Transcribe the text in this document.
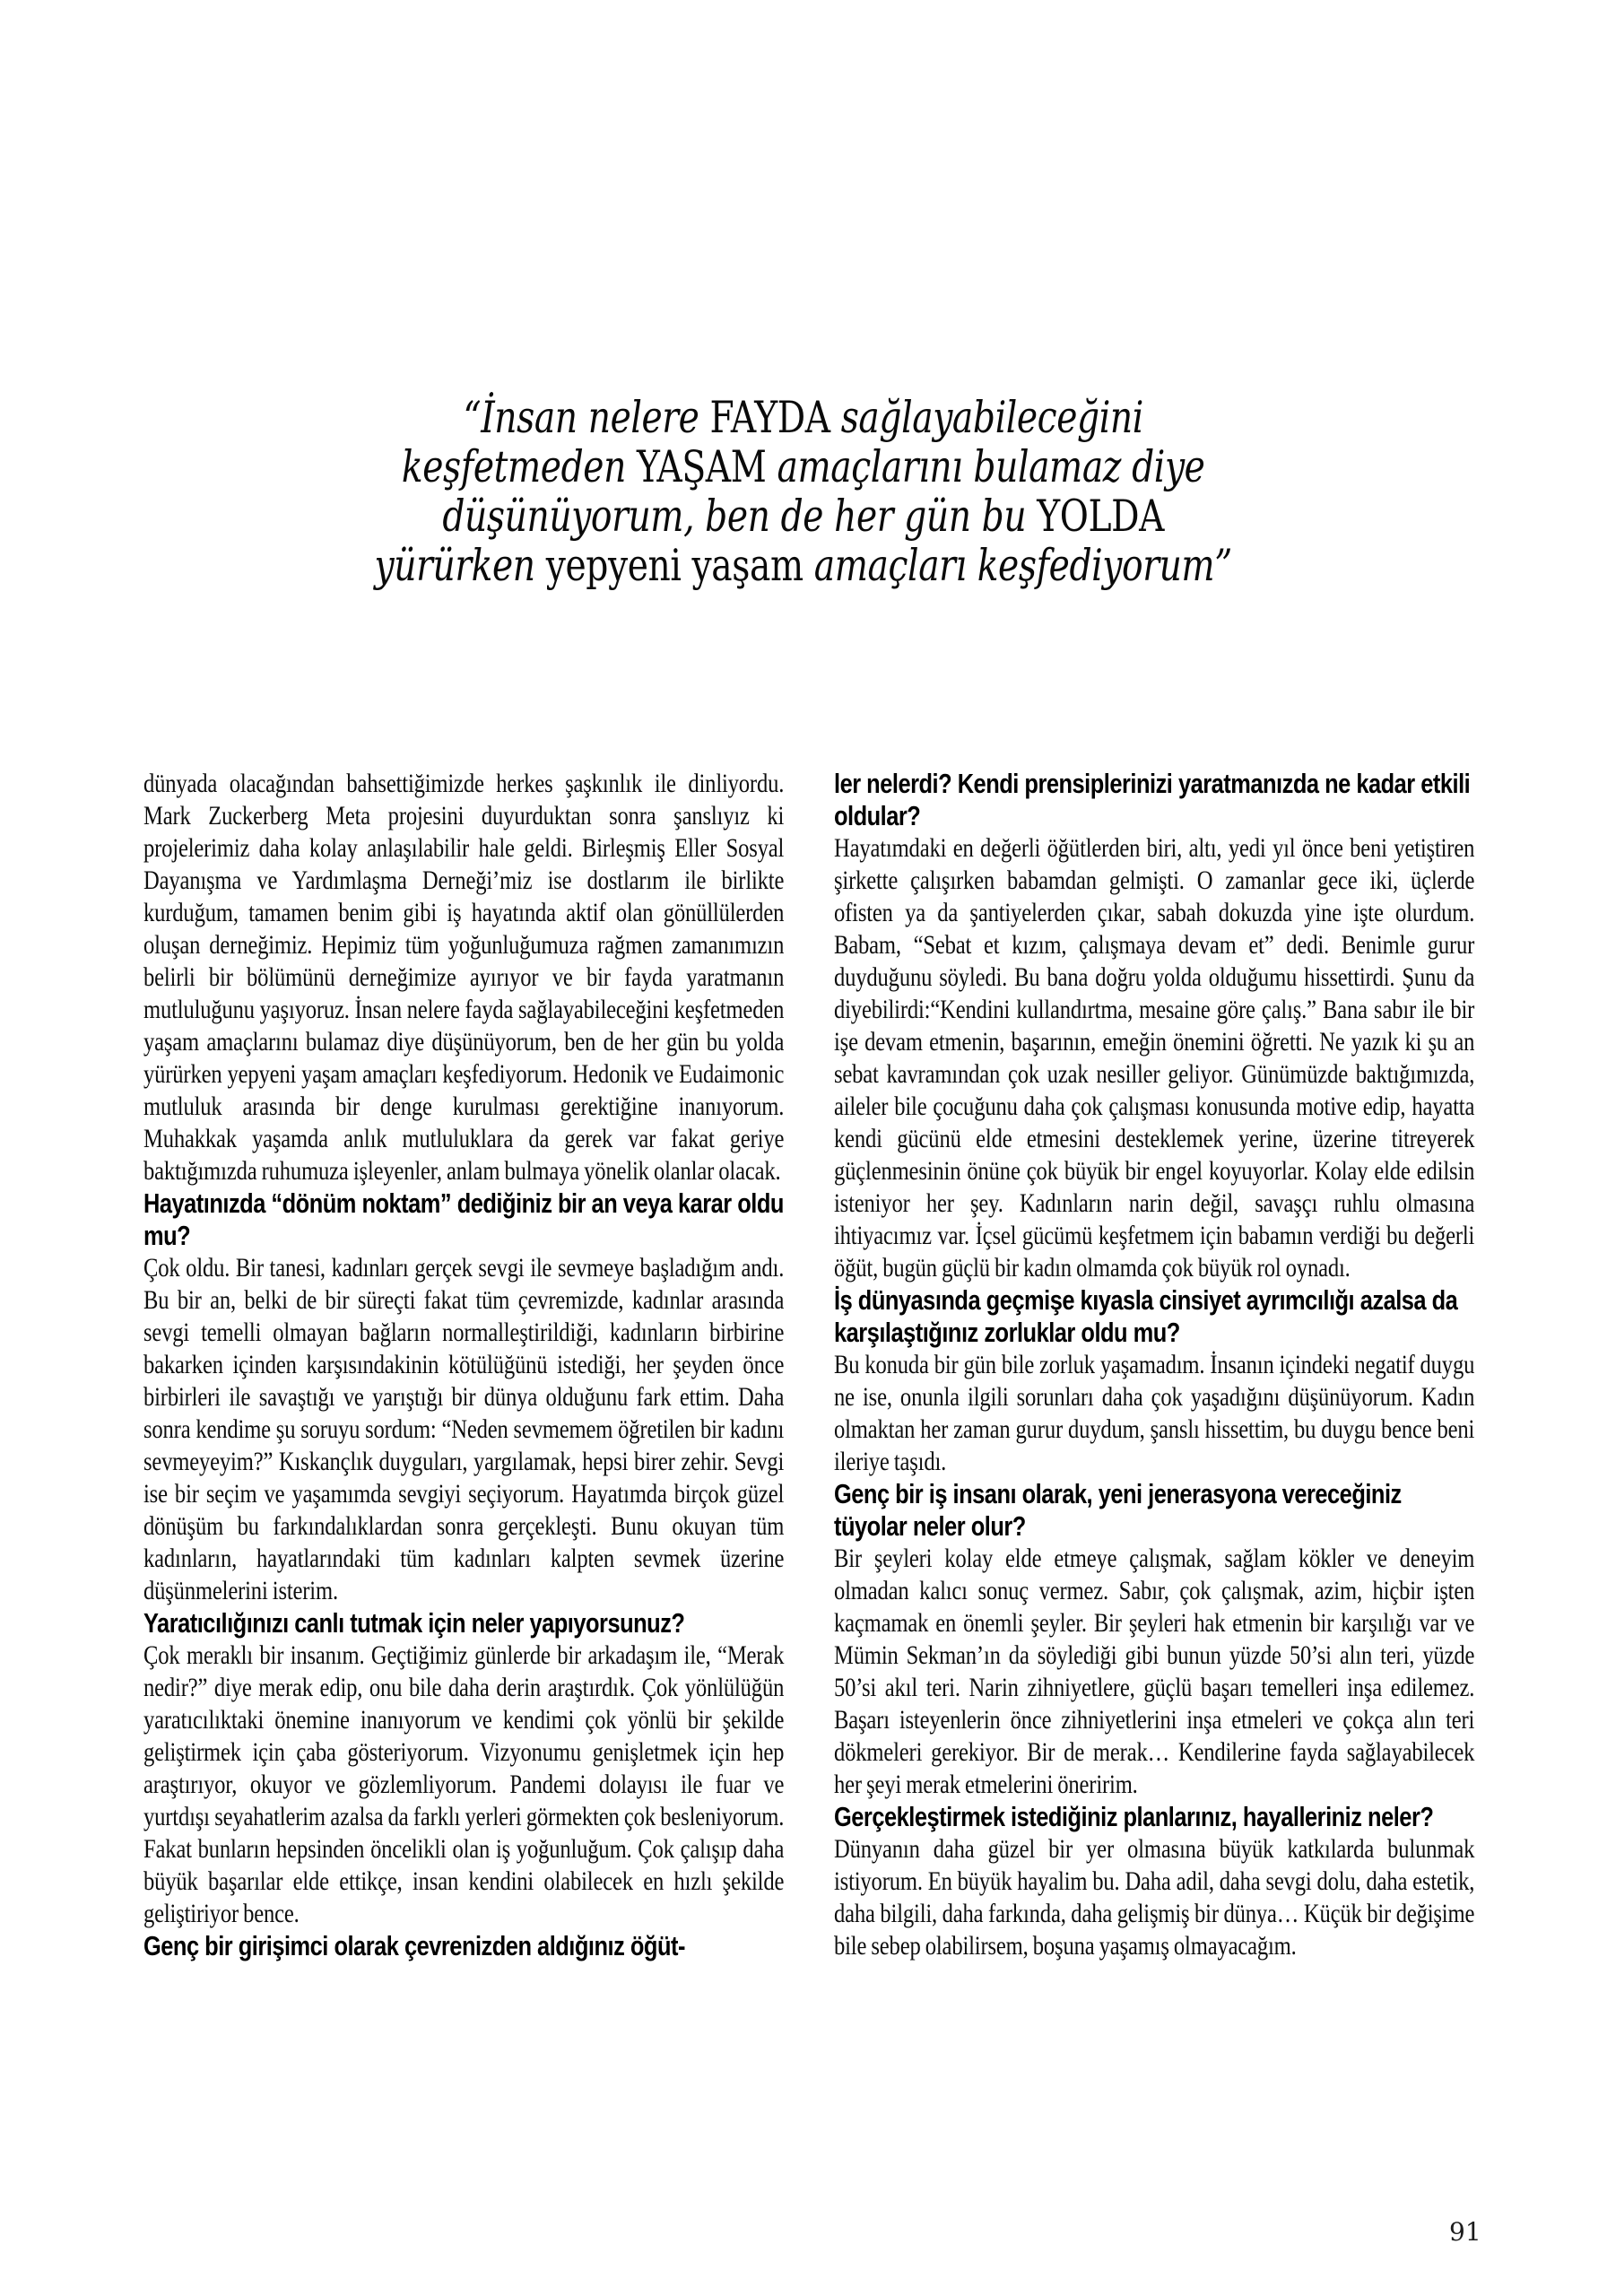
“İnsan nelere FAYDA sağlayabileceğini
keşfetmeden YAŞAM amaçlarını bulamaz diye
düşünüyorum, ben de her gün bu YOLDA
yürürken yepyeni yaşam amaçları keşfediyorum”

dünyada olacağından bahsettiğimizde herkes şaşkınlık ile dinliyordu. Mark Zuckerberg Meta projesini duyurduktan sonra şanslıyız ki projelerimiz daha kolay anlaşılabilir hale geldi. Birleşmiş Eller Sosyal Dayanışma ve Yardımlaşma Derneği’miz ise dostlarım ile birlikte kurduğum, tamamen benim gibi iş hayatında aktif olan gönüllülerden oluşan derneğimiz. Hepimiz tüm yoğunluğumuza rağmen zamanımızın belirli bir bölümünü derneğimize ayırıyor ve bir fayda yaratmanın mutluluğunu yaşıyoruz. İnsan nelere fayda sağlayabileceğini keşfetmeden yaşam amaçlarını bulamaz diye düşünüyorum, ben de her gün bu yolda yürürken yepyeni yaşam amaçları keşfediyorum. Hedonik ve Eudaimonic mutluluk arasında bir denge kurulması gerektiğine inanıyorum. Muhakkak yaşamda anlık mutluluklara da gerek var fakat geriye baktığımızda ruhumuza işleyenler, anlam bulmaya yönelik olanlar olacak.

Hayatınızda “dönüm noktam” dediğiniz bir an veya karar oldu mu?

Çok oldu. Bir tanesi, kadınları gerçek sevgi ile sevmeye başladığım andı. Bu bir an, belki de bir süreçti fakat tüm çevremizde, kadınlar arasında sevgi temelli olmayan bağların normalleştirildiği, kadınların birbirine bakarken içinden karşısındakinin kötülüğünü istediği, her şeyden önce birbirleri ile savaştığı ve yarıştığı bir dünya olduğunu fark ettim. Daha sonra kendime şu soruyu sordum: “Neden sevmemem öğretilen bir kadını sevmeyeyim?” Kıskançlık duyguları, yargılamak, hepsi birer zehir. Sevgi ise bir seçim ve yaşamımda sevgiyi seçiyorum. Hayatımda birçok güzel dönüşüm bu farkındalıklardan sonra gerçekleşti. Bunu okuyan tüm kadınların, hayatlarındaki tüm kadınları kalpten sevmek üzerine düşünmelerini isterim.

Yaratıcılığınızı canlı tutmak için neler yapıyorsunuz?

Çok meraklı bir insanım. Geçtiğimiz günlerde bir arkadaşım ile, “Merak nedir?” diye merak edip, onu bile daha derin araştırdık. Çok yönlülüğün yaratıcılıktaki önemine inanıyorum ve kendimi çok yönlü bir şekilde geliştirmek için çaba gösteriyorum. Vizyonumu genişletmek için hep araştırıyor, okuyor ve gözlemliyorum. Pandemi dolayısı ile fuar ve yurtdışı seyahatlerim azalsa da farklı yerleri görmekten çok besleniyorum. Fakat bunların hepsinden öncelikli olan iş yoğunluğum. Çok çalışıp daha büyük başarılar elde ettikçe, insan kendini olabilecek en hızlı şekilde geliştiriyor bence.

Genç bir girişimci olarak çevrenizden aldığınız öğüt-

ler nelerdi? Kendi prensiplerinizi yaratmanızda ne kadar etkili oldular?

Hayatımdaki en değerli öğütlerden biri, altı, yedi yıl önce beni yetiştiren şirkette çalışırken babamdan gelmişti. O zamanlar gece iki, üçlerde ofisten ya da şantiyelerden çıkar, sabah dokuzda yine işte olurdum. Babam, “Sebat et kızım, çalışmaya devam et” dedi. Benimle gurur duyduğunu söyledi. Bu bana doğru yolda olduğumu hissettirdi. Şunu da diyebilirdi:“Kendini kullandırtma, mesaine göre çalış.” Bana sabır ile bir işe devam etmenin, başarının, emeğin önemini öğretti. Ne yazık ki şu an sebat kavramından çok uzak nesiller geliyor. Günümüzde baktığımızda, aileler bile çocuğunu daha çok çalışması konusunda motive edip, hayatta kendi gücünü elde etmesini desteklemek yerine, üzerine titreyerek güçlenmesinin önüne çok büyük bir engel koyuyorlar. Kolay elde edilsin isteniyor her şey. Kadınların narin değil, savaşçı ruhlu olmasına ihtiyacımız var. İçsel gücümü keşfetmem için babamın verdiği bu değerli öğüt, bugün güçlü bir kadın olmamda çok büyük rol oynadı.

İş dünyasında geçmişe kıyasla cinsiyet ayrımcılığı azalsa da karşılaştığınız zorluklar oldu mu?

Bu konuda bir gün bile zorluk yaşamadım. İnsanın içindeki negatif duygu ne ise, onunla ilgili sorunları daha çok yaşadığını düşünüyorum. Kadın olmaktan her zaman gurur duydum, şanslı hissettim, bu duygu bence beni ileriye taşıdı.

Genç bir iş insanı olarak, yeni jenerasyona vereceğiniz tüyolar neler olur?

Bir şeyleri kolay elde etmeye çalışmak, sağlam kökler ve deneyim olmadan kalıcı sonuç vermez. Sabır, çok çalışmak, azim, hiçbir işten kaçmamak en önemli şeyler. Bir şeyleri hak etmenin bir karşılığı var ve Mümin Sekman’ın da söylediği gibi bunun yüzde 50’si alın teri, yüzde 50’si akıl teri. Narin zihniyetlere, güçlü başarı temelleri inşa edilemez. Başarı isteyenlerin önce zihniyetlerini inşa etmeleri ve çokça alın teri dökmeleri gerekiyor. Bir de merak… Kendilerine fayda sağlayabilecek her şeyi merak etmelerini öneririm.

Gerçekleştirmek istediğiniz planlarınız, hayalleriniz neler?

Dünyanın daha güzel bir yer olmasına büyük katkılarda bulunmak istiyorum. En büyük hayalim bu. Daha adil, daha sevgi dolu, daha estetik, daha bilgili, daha farkında, daha gelişmiş bir dünya… Küçük bir değişime bile sebep olabilirsem, boşuna yaşamış olmayacağım.

91
